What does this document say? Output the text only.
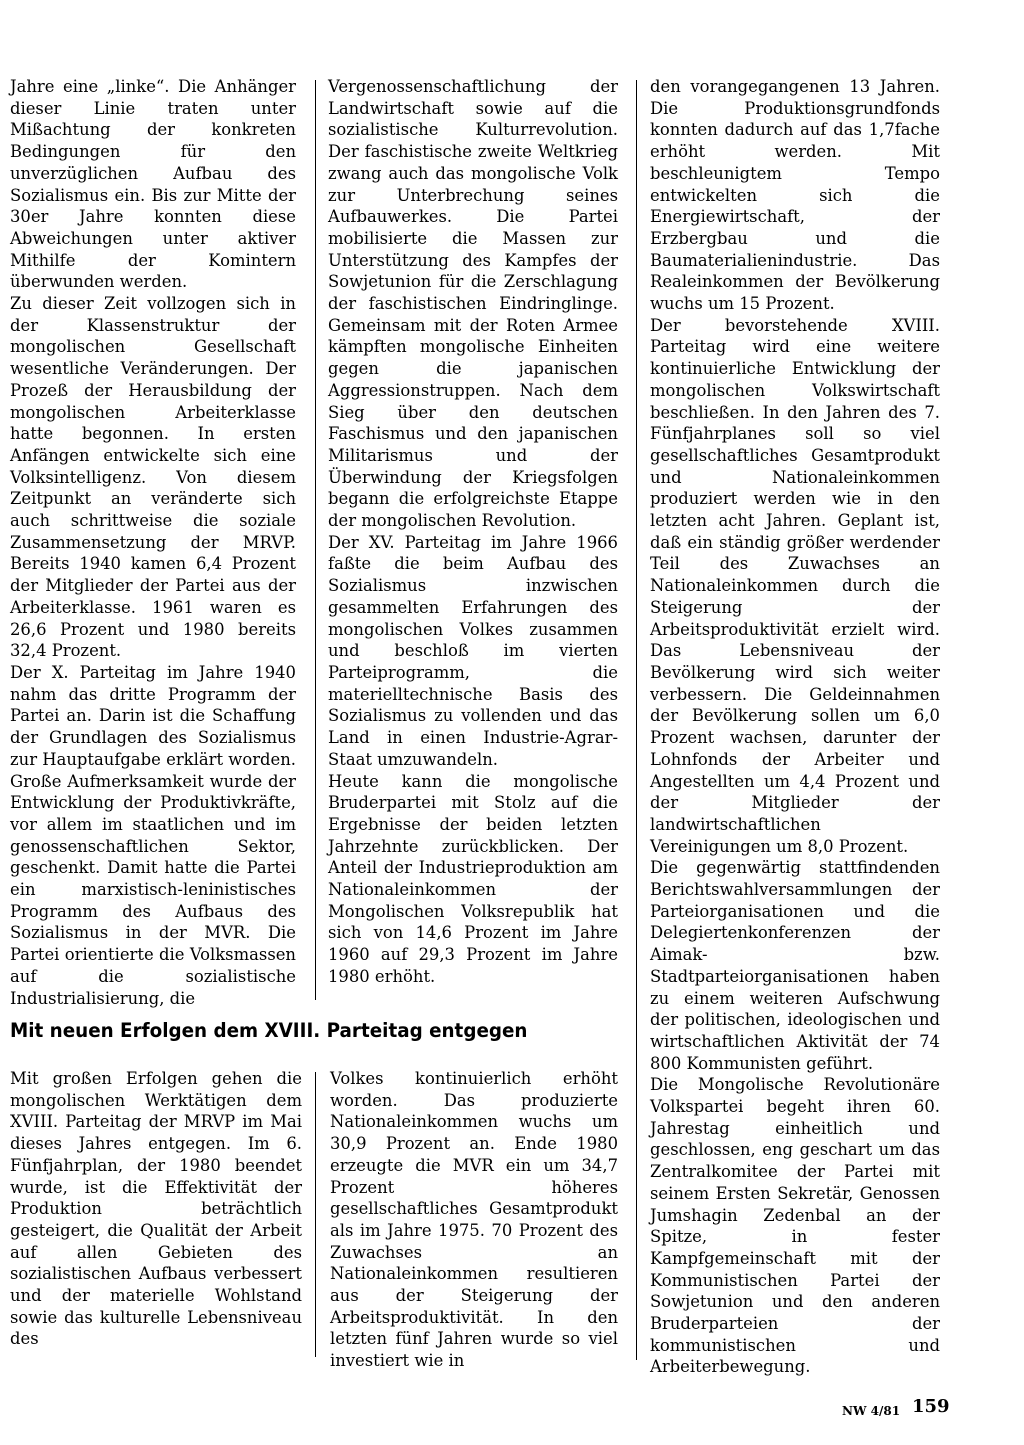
Jahre eine „linke“. Die Anhänger dieser Linie traten unter Mißachtung der konkreten Bedingungen für den unverzüglichen Aufbau des Sozialismus ein. Bis zur Mitte der 30er Jahre konnten diese Abweichungen unter aktiver Mithilfe der Komintern überwunden werden.

Zu dieser Zeit vollzogen sich in der Klassenstruktur der mongolischen Gesellschaft wesentliche Veränderungen. Der Prozeß der Herausbildung der mongolischen Arbeiterklasse hatte begonnen. In ersten Anfängen entwickelte sich eine Volksintelligenz. Von diesem Zeitpunkt an veränderte sich auch schrittweise die soziale Zusammensetzung der MRVP. Bereits 1940 kamen 6,4 Prozent der Mitglieder der Partei aus der Arbeiterklasse. 1961 waren es 26,6 Prozent und 1980 bereits 32,4 Prozent.

Der X. Parteitag im Jahre 1940 nahm das dritte Programm der Partei an. Darin ist die Schaffung der Grundlagen des Sozialismus zur Hauptaufgabe erklärt worden. Große Aufmerksamkeit wurde der Entwicklung der Produktivkräfte, vor allem im staatlichen und im genossenschaftlichen Sektor, geschenkt. Damit hatte die Partei ein marxistisch-leninistisches Programm des Aufbaus des Sozialismus in der MVR. Die Partei orientierte die Volksmassen auf die sozialistische Industrialisierung, die

Vergenossenschaftlichung der Landwirtschaft sowie auf die sozialistische Kulturrevolution. Der faschistische zweite Weltkrieg zwang auch das mongolische Volk zur Unterbrechung seines Aufbauwerkes. Die Partei mobilisierte die Massen zur Unterstützung des Kampfes der Sowjetunion für die Zerschlagung der faschistischen Eindringlinge. Gemeinsam mit der Roten Armee kämpften mongolische Einheiten gegen die japanischen Aggressionstruppen. Nach dem Sieg über den deutschen Faschismus und den japanischen Militarismus und der Überwindung der Kriegsfolgen begann die erfolgreichste Etappe der mongolischen Revolution.

Der XV. Parteitag im Jahre 1966 faßte die beim Aufbau des Sozialismus inzwischen gesammelten Erfahrungen des mongolischen Volkes zusammen und beschloß im vierten Parteiprogramm, die materielltechnische Basis des Sozialismus zu vollenden und das Land in einen Industrie-Agrar-Staat umzuwandeln.

Heute kann die mongolische Bruderpartei mit Stolz auf die Ergebnisse der beiden letzten Jahrzehnte zurückblicken. Der Anteil der Industrieproduktion am Nationaleinkommen der Mongolischen Volksrepublik hat sich von 14,6 Prozent im Jahre 1960 auf 29,3 Prozent im Jahre 1980 erhöht.

Mit neuen Erfolgen dem XVIII. Parteitag entgegen

Mit großen Erfolgen gehen die mongolischen Werktätigen dem XVIII. Parteitag der MRVP im Mai dieses Jahres entgegen. Im 6. Fünfjahrplan, der 1980 beendet wurde, ist die Effektivität der Produktion beträchtlich gesteigert, die Qualität der Arbeit auf allen Gebieten des sozialistischen Aufbaus verbessert und der materielle Wohlstand sowie das kulturelle Lebensniveau des

Volkes kontinuierlich erhöht worden. Das produzierte Nationaleinkommen wuchs um 30,9 Prozent an. Ende 1980 erzeugte die MVR ein um 34,7 Prozent höheres gesellschaftliches Gesamtprodukt als im Jahre 1975. 70 Prozent des Zuwachses an Nationaleinkommen resultieren aus der Steigerung der Arbeitsproduktivität. In den letzten fünf Jahren wurde so viel investiert wie in

den vorangegangenen 13 Jahren. Die Produktionsgrundfonds konnten dadurch auf das 1,7fache erhöht werden. Mit beschleunigtem Tempo entwickelten sich die Energiewirtschaft, der Erzbergbau und die Baumaterialienindustrie. Das Realeinkommen der Bevölkerung wuchs um 15 Prozent.

Der bevorstehende XVIII. Parteitag wird eine weitere kontinuierliche Entwicklung der mongolischen Volkswirtschaft beschließen. In den Jahren des 7. Fünfjahrplanes soll so viel gesellschaftliches Gesamtprodukt und Nationaleinkommen produziert werden wie in den letzten acht Jahren. Geplant ist, daß ein ständig größer werdender Teil des Zuwachses an Nationaleinkommen durch die Steigerung der Arbeitsproduktivität erzielt wird. Das Lebensniveau der Bevölkerung wird sich weiter verbessern. Die Geldeinnahmen der Bevölkerung sollen um 6,0 Prozent wachsen, darunter der Lohnfonds der Arbeiter und Angestellten um 4,4 Prozent und der Mitglieder der landwirtschaftlichen Vereinigungen um 8,0 Prozent.

Die gegenwärtig stattfindenden Berichtswahlversammlungen der Parteiorganisationen und die Delegiertenkonferenzen der Aimak- bzw. Stadtparteiorganisationen haben zu einem weiteren Aufschwung der politischen, ideologischen und wirtschaftlichen Aktivität der 74 800 Kommunisten geführt.

Die Mongolische Revolutionäre Volkspartei begeht ihren 60. Jahrestag einheitlich und geschlossen, eng geschart um das Zentralkomitee der Partei mit seinem Ersten Sekretär, Genossen Jumshagin Zedenbal an der Spitze, in fester Kampfgemeinschaft mit der Kommunistischen Partei der Sowjetunion und den anderen Bruderparteien der kommunistischen und Arbeiterbewegung.

NW 4/81 159
